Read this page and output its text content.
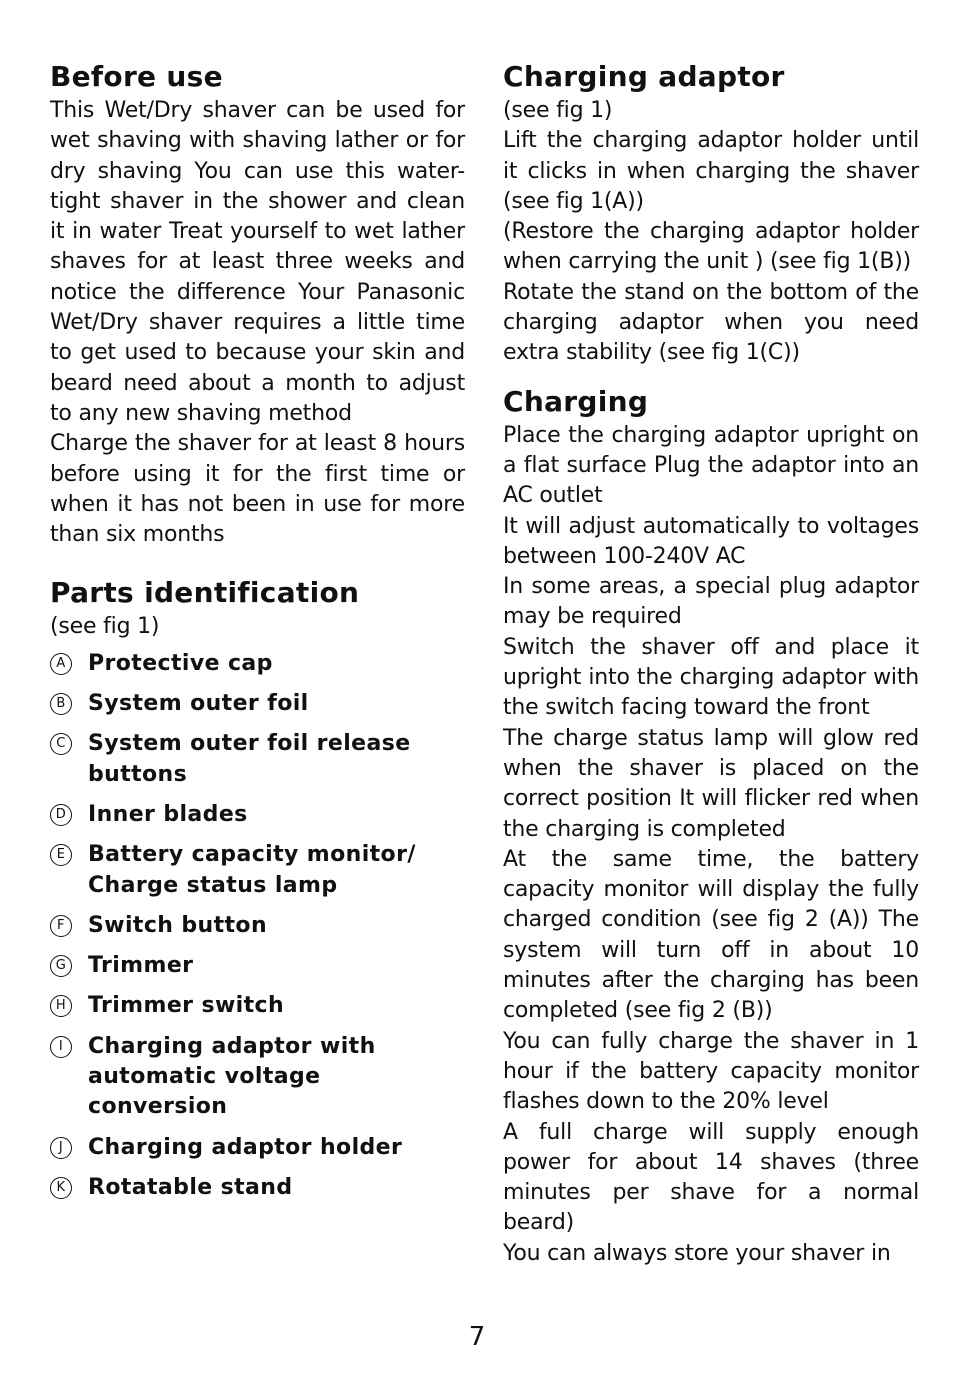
Before use

This Wet/Dry shaver can be used for wet shaving with shaving lather or for dry shaving You can use this water-tight shaver in the shower and clean it in water Treat yourself to wet lather shaves for at least three weeks and notice the difference Your Panasonic Wet/Dry shaver requires a little time to get used to because your skin and beard need about a month to adjust to any new shaving method

Charge the shaver for at least 8 hours before using it for the first time or when it has not been in use for more than six months

Parts identification

(see fig 1)

A Protective cap
B System outer foil
C System outer foil release buttons
D Inner blades
E	Battery capacity monitor/ Charge status lamp
F	Switch button
G Trimmer
H Trimmer switch
I	Charging adaptor with automatic voltage conversion
J	Charging adaptor holder
K Rotatable stand
Charging adaptor

(see fig 1)

Lift the charging adaptor holder until it clicks in when charging the shaver (see fig 1(A))

(Restore the charging adaptor holder when carrying the unit ) (see fig 1(B))

Rotate the stand on the bottom of the charging adaptor when you need extra stability (see fig 1(C))

Charging

Place the charging adaptor upright on a flat surface Plug the adaptor into an AC outlet

It will adjust automatically to voltages between 100-240V AC

In some areas, a special plug adaptor may be required

Switch the shaver off and place it upright into the charging adaptor with the switch facing toward the front

The charge status lamp will glow red when the shaver is placed on the correct position It will flicker red when the charging is completed

At the same time, the battery capacity monitor will display the fully charged condition (see fig 2 (A)) The system will turn off in about 10 minutes after the charging has been completed (see fig 2 (B))

You can fully charge the shaver in 1 hour if the battery capacity monitor flashes down to the 20% level

A full charge will supply enough power for about 14 shaves (three minutes per shave for a normal beard)

You can always store your shaver in

7
